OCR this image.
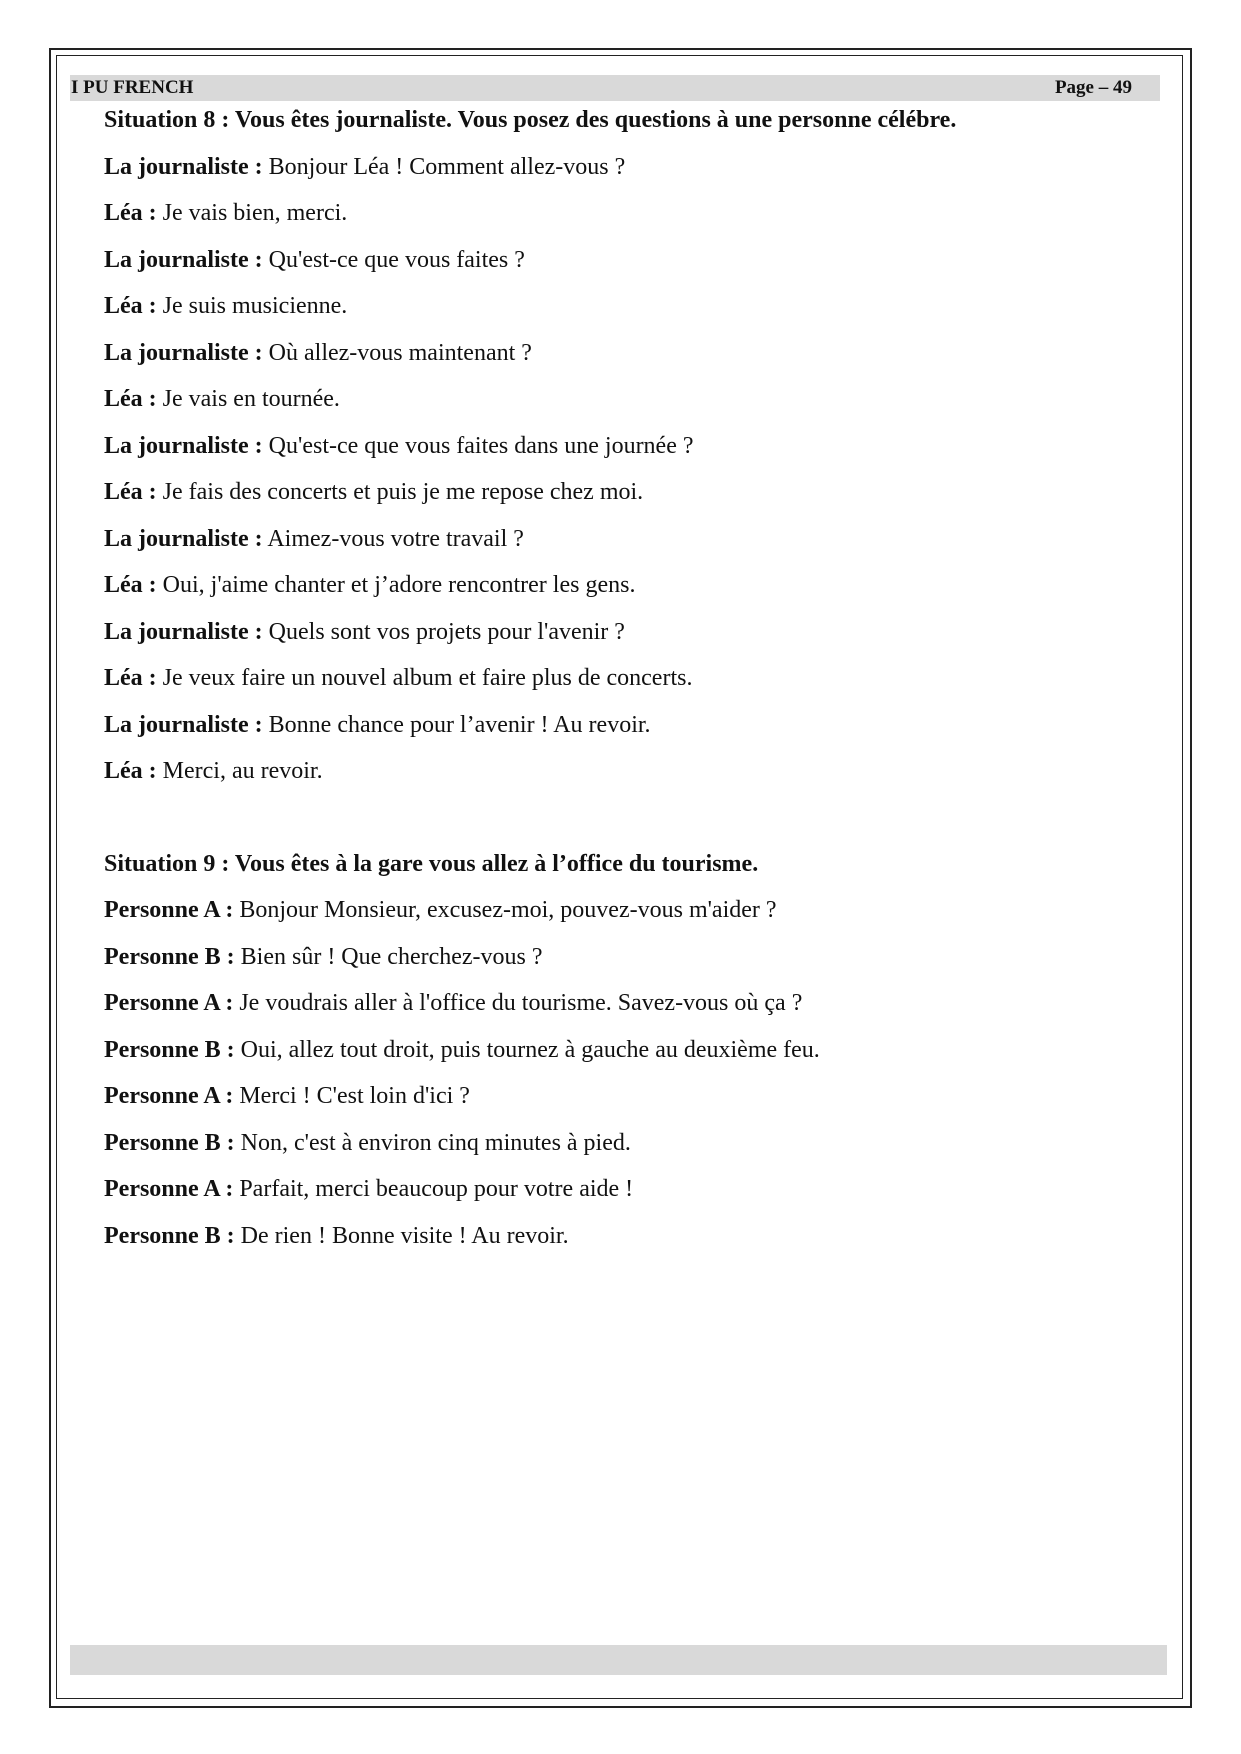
I PU FRENCH	Page – 49
Situation 8 : Vous êtes journaliste. Vous posez des questions à une personne célébre.
La journaliste : Bonjour Léa ! Comment allez-vous ?
Léa : Je vais bien, merci.
La journaliste : Qu'est-ce que vous faites ?
Léa : Je suis musicienne.
La journaliste : Où allez-vous maintenant ?
Léa : Je vais en tournée.
La journaliste : Qu'est-ce que vous faites dans une journée ?
Léa : Je fais des concerts et puis je me repose chez moi.
La journaliste : Aimez-vous votre travail ?
Léa : Oui, j'aime chanter et j’adore rencontrer les gens.
La journaliste : Quels sont vos projets pour l'avenir ?
Léa : Je veux faire un nouvel album et faire plus de concerts.
La journaliste : Bonne chance pour l’avenir ! Au revoir.
Léa : Merci, au revoir.
Situation 9 : Vous êtes à la gare vous allez à l’office du tourisme.
Personne A : Bonjour Monsieur, excusez-moi, pouvez-vous m'aider ?
Personne B : Bien sûr ! Que cherchez-vous ?
Personne A : Je voudrais aller à l'office du tourisme. Savez-vous où ça ?
Personne B : Oui, allez tout droit, puis tournez à gauche au deuxième feu.
Personne A : Merci ! C'est loin d'ici ?
Personne B : Non, c'est à environ cinq minutes à pied.
Personne A : Parfait, merci beaucoup pour votre aide !
Personne B : De rien ! Bonne visite ! Au revoir.
